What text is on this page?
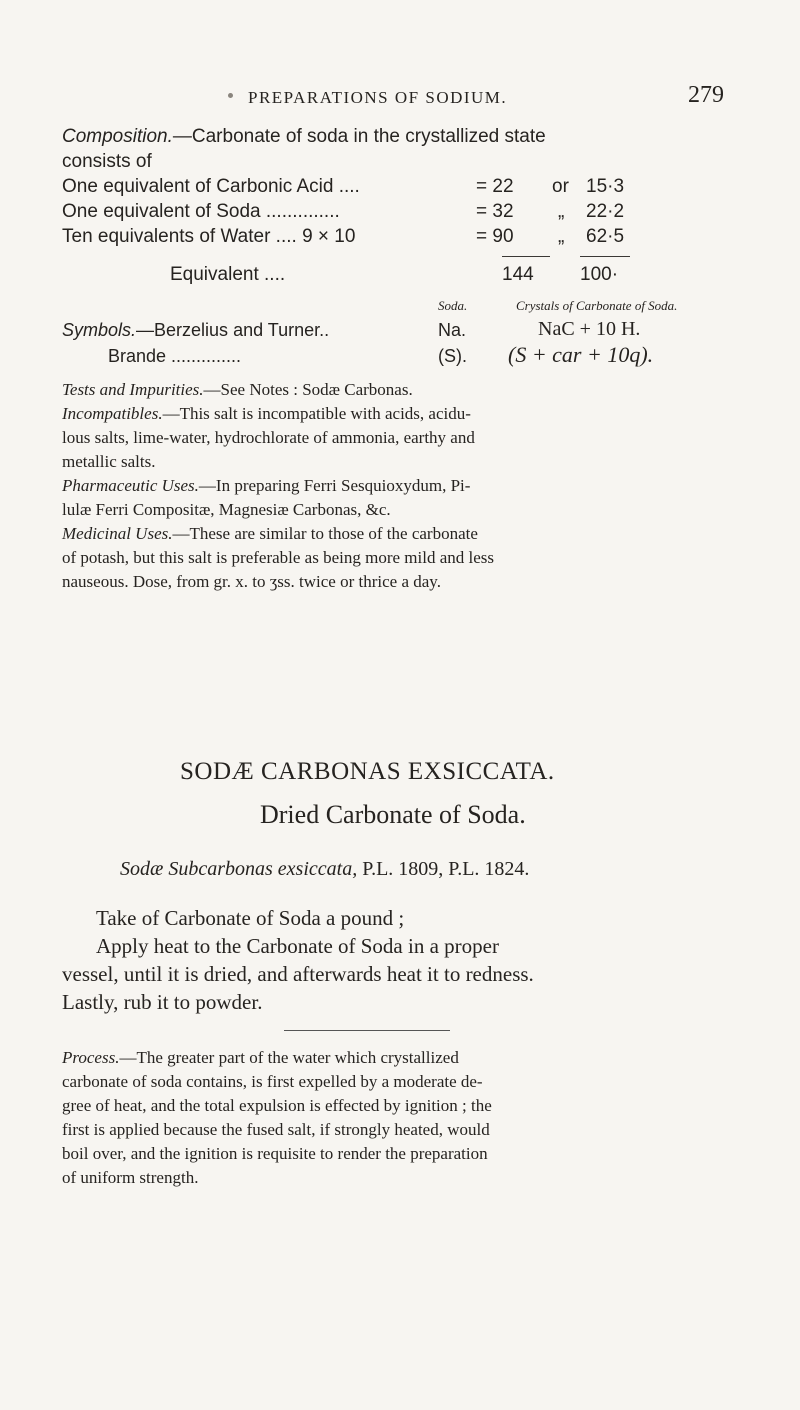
PREPARATIONS OF SODIUM.	279
Composition.—Carbonate of soda in the crystallized state
consists of
One equivalent of Carbonic Acid ....	= 22 or 15·3
One equivalent of Soda ..............	= 32 „ 22·2
Ten equivalents of Water .... 9 × 10	= 90 „ 62·5
Equivalent ....	144 100·
Soda.	Crystals of Carbonate of Soda.
Symbols.—Berzelius and Turner..	Na.	NaC + 10 H.
Brande ..............	(S). (S + car + 10q).

Tests and Impurities.—See Notes : Sodæ Carbonas.

Incompatibles.—This salt is incompatible with acids, acidu-

lous salts, lime-water, hydrochlorate of ammonia, earthy and

metallic salts.

Pharmaceutic Uses.—In preparing Ferri Sesquioxydum, Pi-

lulæ Ferri Compositæ, Magnesiæ Carbonas, &c.

Medicinal Uses.—These are similar to those of the carbonate

of potash, but this salt is preferable as being more mild and less

nauseous. Dose, from gr. x. to ʒss. twice or thrice a day.

SODÆ CARBONAS EXSICCATA.
Dried Carbonate of Soda.
Sodæ Subcarbonas exsiccata, P.L. 1809, P.L. 1824.
Take of Carbonate of Soda a pound ;
Apply heat to the Carbonate of Soda in a proper
vessel, until it is dried, and afterwards heat it to redness.
Lastly, rub it to powder.

Process.—The greater part of the water which crystallized

carbonate of soda contains, is first expelled by a moderate de-

gree of heat, and the total expulsion is effected by ignition ; the

first is applied because the fused salt, if strongly heated, would

boil over, and the ignition is requisite to render the preparation

of uniform strength.
